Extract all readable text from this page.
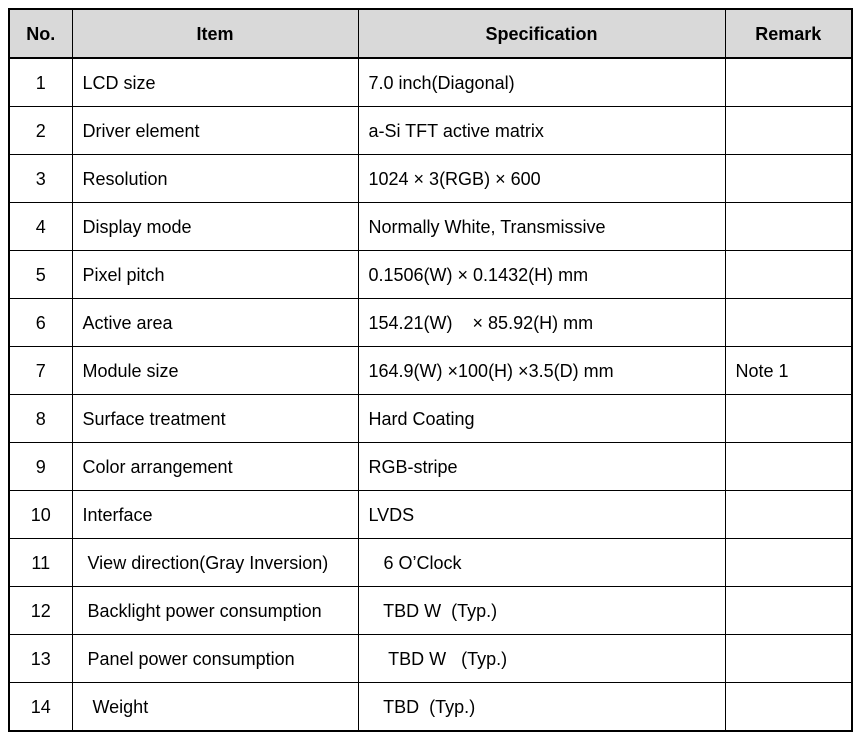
No.	Item	Specification	Remark
1	LCD size	7.0 inch(Diagonal)	
2	Driver element	a-Si TFT active matrix	
3	Resolution	1024 × 3(RGB) × 600	
4	Display mode	Normally White, Transmissive	
5	Pixel pitch	0.1506(W) × 0.1432(H) mm	
6	Active area	154.21(W)    × 85.92(H) mm	
7	Module size	164.9(W) ×100(H) ×3.5(D) mm	Note 1
8	Surface treatment	Hard Coating	
9	Color arrangement	RGB-stripe	
10	Interface	LVDS	
11	View direction(Gray Inversion)	6 O’Clock	
12	Backlight power consumption	TBD W  (Typ.)	
13	Panel power consumption	TBD W   (Typ.)	
14	Weight	TBD  (Typ.)	
